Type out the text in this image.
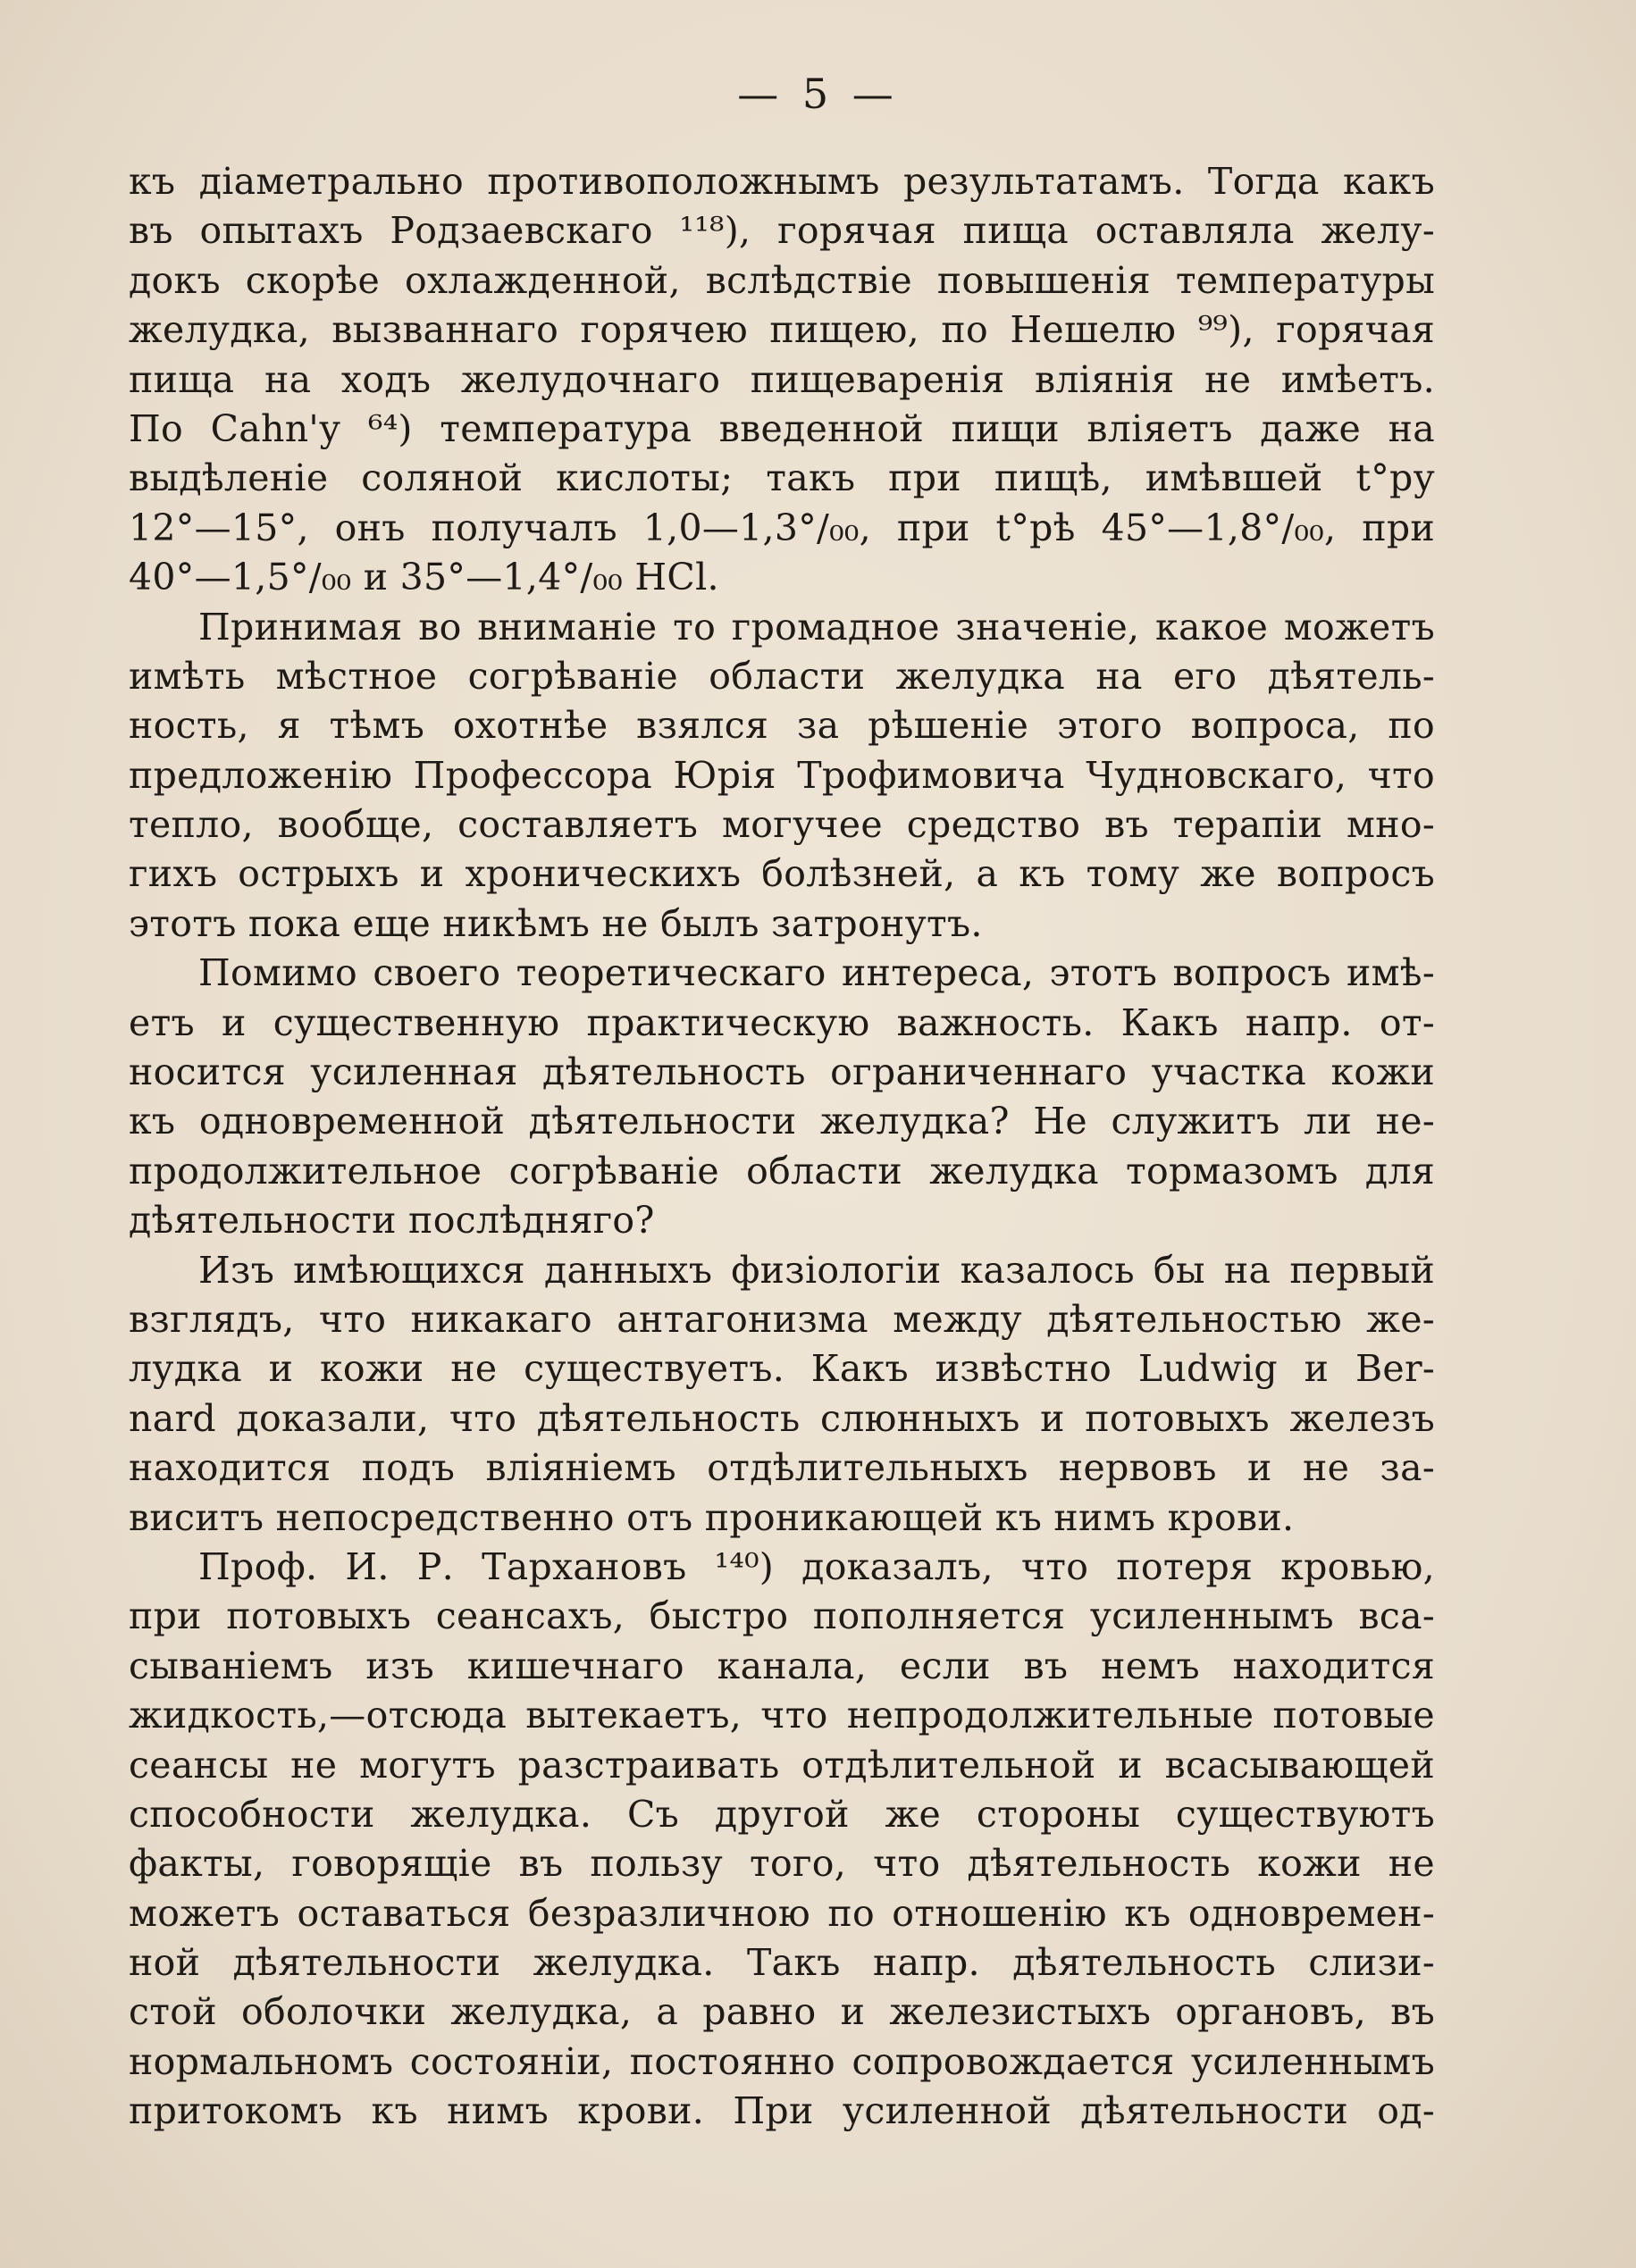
— 5 —
къ діаметрально противоположнымъ результатамъ. Тогда какъ
въ опытахъ Родзаевскаго ¹¹⁸), горячая пища оставляла желу-
докъ скорѣе охлажденной, вслѣдствіе повышенія температуры
желудка, вызваннаго горячею пищею, по Нешелю ⁹⁹), горячая
пища на ходъ желудочнаго пищеваренія вліянія не имѣетъ.
По Cahn'у ⁶⁴) температура введенной пищи вліяетъ даже на
выдѣленіе соляной кислоты; такъ при пищѣ, имѣвшей t°ру
12°—15°, онъ получалъ 1,0—1,3°/₀₀, при t°рѣ 45°—1,8°/₀₀, при
40°—1,5°/₀₀ и 35°—1,4°/₀₀ HCl.
Принимая во вниманіе то громадное значеніе, какое можетъ
имѣть мѣстное согрѣваніе области желудка на его дѣятель-
ность, я тѣмъ охотнѣе взялся за рѣшеніе этого вопроса, по
предложенію Профессора Юрія Трофимовича Чудновскаго, что
тепло, вообще, составляетъ могучее средство въ терапіи мно-
гихъ острыхъ и хроническихъ болѣзней, а къ тому же вопросъ
этотъ пока еще никѣмъ не былъ затронутъ.
Помимо своего теоретическаго интереса, этотъ вопросъ имѣ-
етъ и существенную практическую важность. Какъ напр. от-
носится усиленная дѣятельность ограниченнаго участка кожи
къ одновременной дѣятельности желудка? Не служитъ ли не-
продолжительное согрѣваніе области желудка тормазомъ для
дѣятельности послѣдняго?
Изъ имѣющихся данныхъ физіологіи казалось бы на первый
взглядъ, что никакаго антагонизма между дѣятельностью же-
лудка и кожи не существуетъ. Какъ извѣстно Ludwig и Ber-
nard доказали, что дѣятельность слюнныхъ и потовыхъ железъ
находится подъ вліяніемъ отдѣлительныхъ нервовъ и не за-
виситъ непосредственно отъ проникающей къ нимъ крови.
Проф. И. Р. Тархановъ ¹⁴⁰) доказалъ, что потеря кровью,
при потовыхъ сеансахъ, быстро пополняется усиленнымъ вса-
сываніемъ изъ кишечнаго канала, если въ немъ находится
жидкость,—отсюда вытекаетъ, что непродолжительные потовые
сеансы не могутъ разстраивать отдѣлительной и всасывающей
способности желудка. Съ другой же стороны существуютъ
факты, говорящіе въ пользу того, что дѣятельность кожи не
можетъ оставаться безразличною по отношенію къ одновремен-
ной дѣятельности желудка. Такъ напр. дѣятельность слизи-
стой оболочки желудка, а равно и железистыхъ органовъ, въ
нормальномъ состояніи, постоянно сопровождается усиленнымъ
притокомъ къ нимъ крови. При усиленной дѣятельности од-
